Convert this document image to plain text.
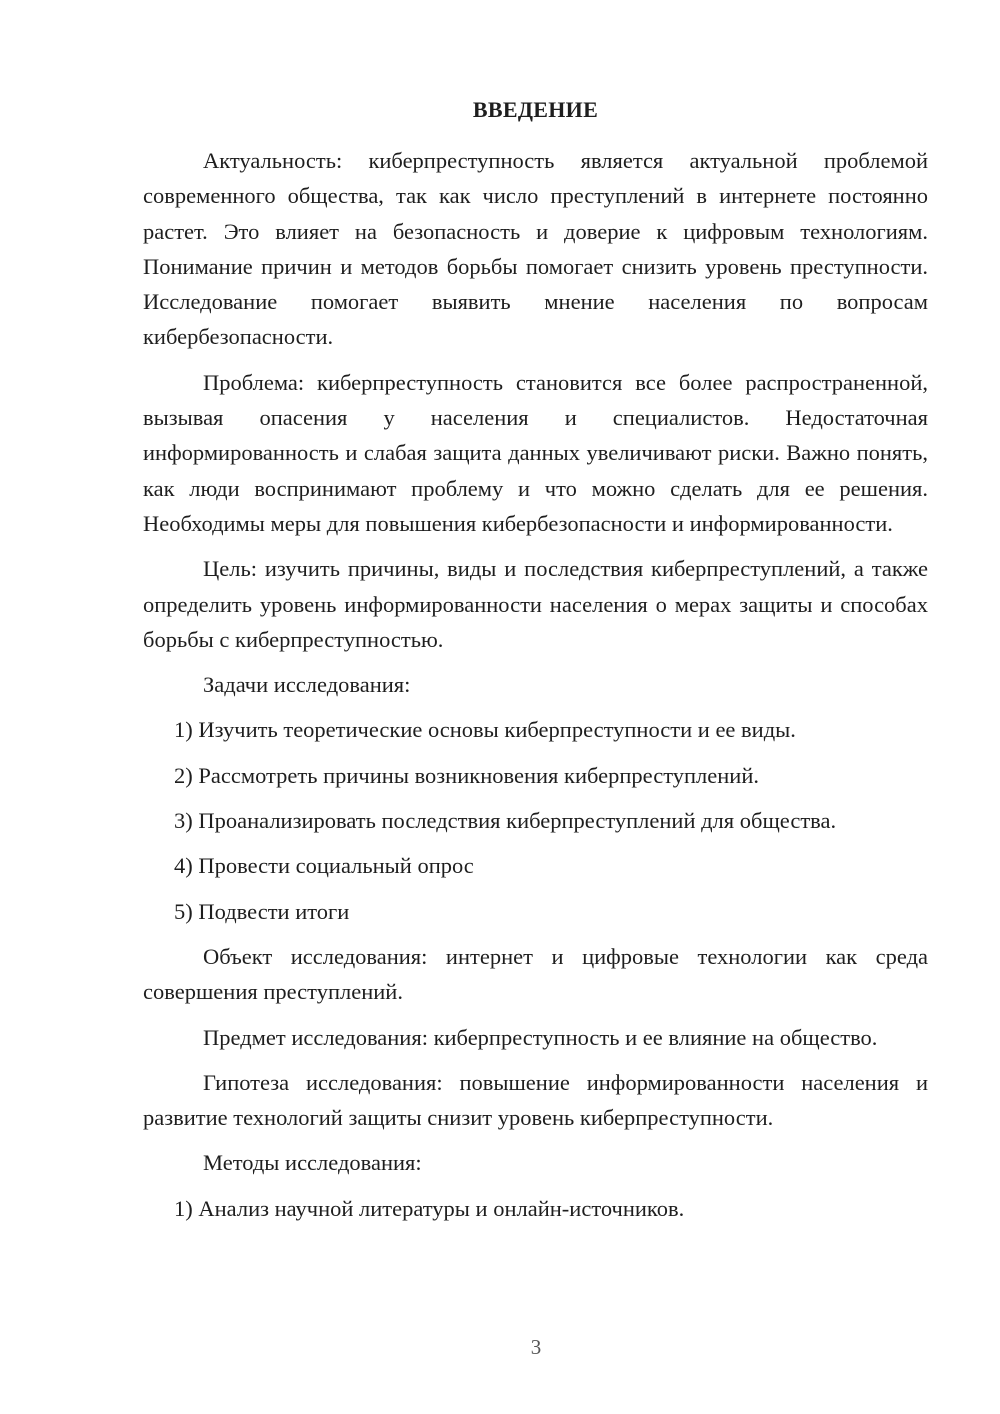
ВВЕДЕНИЕ

Актуальность: киберпреступность является актуальной проблемой современного общества, так как число преступлений в интернете постоянно растет. Это влияет на безопасность и доверие к цифровым технологиям. Понимание причин и методов борьбы помогает снизить уровень преступности. Исследование помогает выявить мнение населения по вопросам кибербезопасности.

Проблема: киберпреступность становится все более распространенной, вызывая опасения у населения и специалистов. Недостаточная информированность и слабая защита данных увеличивают риски. Важно понять, как люди воспринимают проблему и что можно сделать для ее решения. Необходимы меры для повышения кибербезопасности и информированности.

Цель: изучить причины, виды и последствия киберпреступлений, а также определить уровень информированности населения о мерах защиты и способах борьбы с киберпреступностью.

Задачи исследования:

1) Изучить теоретические основы киберпреступности и ее виды.
2) Рассмотреть причины возникновения киберпреступлений.
3) Проанализировать последствия киберпреступлений для общества.
4) Провести социальный опрос
5) Подвести итоги

Объект исследования: интернет и цифровые технологии как среда совершения преступлений.

Предмет исследования: киберпреступность и ее влияние на общество.

Гипотеза исследования: повышение информированности населения и развитие технологий защиты снизит уровень киберпреступности.

Методы исследования:

1) Анализ научной литературы и онлайн-источников.
3
